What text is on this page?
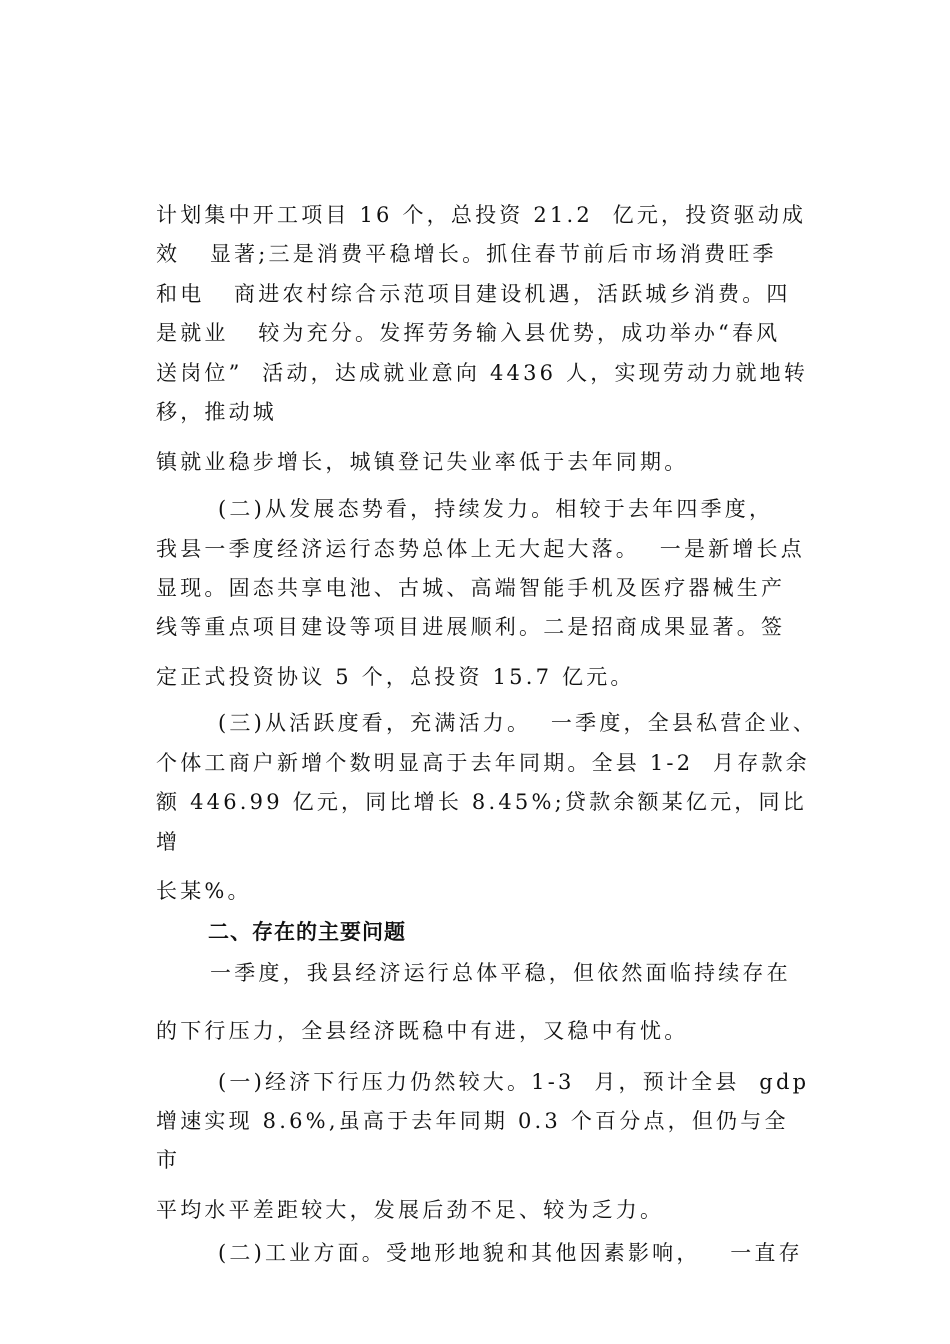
计划集中开工项目 16 个，总投资 21.2  亿元，投资驱动成
效   显著;三是消费平稳增长。抓住春节前后市场消费旺季
和电   商进农村综合示范项目建设机遇，活跃城乡消费。四
是就业   较为充分。发挥劳务输入县优势，成功举办“春风
送岗位”  活动，达成就业意向 4436 人，实现劳动力就地转
移，推动城
镇就业稳步增长，城镇登记失业率低于去年同期。
(二)从发展态势看，持续发力。相较于去年四季度，
我县一季度经济运行态势总体上无大起大落。  一是新增长点
显现。固态共享电池、古城、高端智能手机及医疗器械生产
线等重点项目建设等项目进展顺利。二是招商成果显著。签
定正式投资协议 5 个，总投资 15.7 亿元。
(三)从活跃度看，充满活力。  一季度，全县私营企业、
个体工商户新增个数明显高于去年同期。全县 1-2  月存款余
额 446.99 亿元，同比增长 8.45%;贷款余额某亿元，同比
增
长某%。
二、存在的主要问题
一季度，我县经济运行总体平稳，但依然面临持续存在
的下行压力，全县经济既稳中有进，又稳中有忧。
(一)经济下行压力仍然较大。1-3  月，预计全县  gdp
增速实现 8.6%,虽高于去年同期 0.3 个百分点，但仍与全
市
平均水平差距较大，发展后劲不足、较为乏力。
(二)工业方面。受地形地貌和其他因素影响，   一直存
